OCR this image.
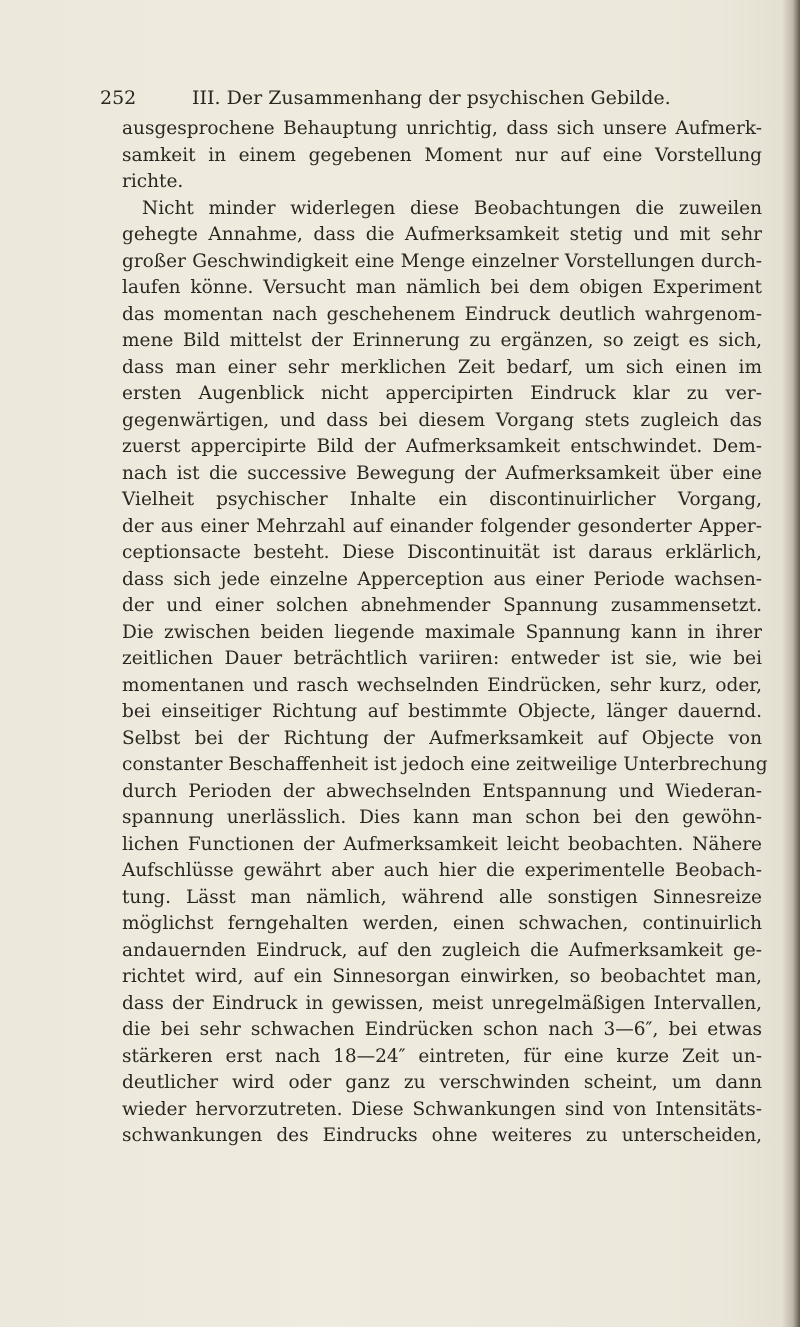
252	III. Der Zusammenhang der psychischen Gebilde.
ausgesprochene Behauptung unrichtig, dass sich unsere Aufmerk-
samkeit in einem gegebenen Moment nur auf eine Vorstellung
richte.
Nicht minder widerlegen diese Beobachtungen die zuweilen
gehegte Annahme, dass die Aufmerksamkeit stetig und mit sehr
großer Geschwindigkeit eine Menge einzelner Vorstellungen durch-
laufen könne. Versucht man nämlich bei dem obigen Experiment
das momentan nach geschehenem Eindruck deutlich wahrgenom-
mene Bild mittelst der Erinnerung zu ergänzen, so zeigt es sich,
dass man einer sehr merklichen Zeit bedarf, um sich einen im
ersten Augenblick nicht appercipirten Eindruck klar zu ver-
gegenwärtigen, und dass bei diesem Vorgang stets zugleich das
zuerst appercipirte Bild der Aufmerksamkeit entschwindet. Dem-
nach ist die successive Bewegung der Aufmerksamkeit über eine
Vielheit psychischer Inhalte ein discontinuirlicher Vorgang,
der aus einer Mehrzahl auf einander folgender gesonderter Apper-
ceptionsacte besteht. Diese Discontinuität ist daraus erklärlich,
dass sich jede einzelne Apperception aus einer Periode wachsen-
der und einer solchen abnehmender Spannung zusammensetzt.
Die zwischen beiden liegende maximale Spannung kann in ihrer
zeitlichen Dauer beträchtlich variiren: entweder ist sie, wie bei
momentanen und rasch wechselnden Eindrücken, sehr kurz, oder,
bei einseitiger Richtung auf bestimmte Objecte, länger dauernd.
Selbst bei der Richtung der Aufmerksamkeit auf Objecte von
constanter Beschaffenheit ist jedoch eine zeitweilige Unterbrechung
durch Perioden der abwechselnden Entspannung und Wiederan-
spannung unerlässlich. Dies kann man schon bei den gewöhn-
lichen Functionen der Aufmerksamkeit leicht beobachten. Nähere
Aufschlüsse gewährt aber auch hier die experimentelle Beobach-
tung. Lässt man nämlich, während alle sonstigen Sinnesreize
möglichst ferngehalten werden, einen schwachen, continuirlich
andauernden Eindruck, auf den zugleich die Aufmerksamkeit ge-
richtet wird, auf ein Sinnesorgan einwirken, so beobachtet man,
dass der Eindruck in gewissen, meist unregelmäßigen Intervallen,
die bei sehr schwachen Eindrücken schon nach 3—6″, bei etwas
stärkeren erst nach 18—24″ eintreten, für eine kurze Zeit un-
deutlicher wird oder ganz zu verschwinden scheint, um dann
wieder hervorzutreten. Diese Schwankungen sind von Intensitäts-
schwankungen des Eindrucks ohne weiteres zu unterscheiden,
